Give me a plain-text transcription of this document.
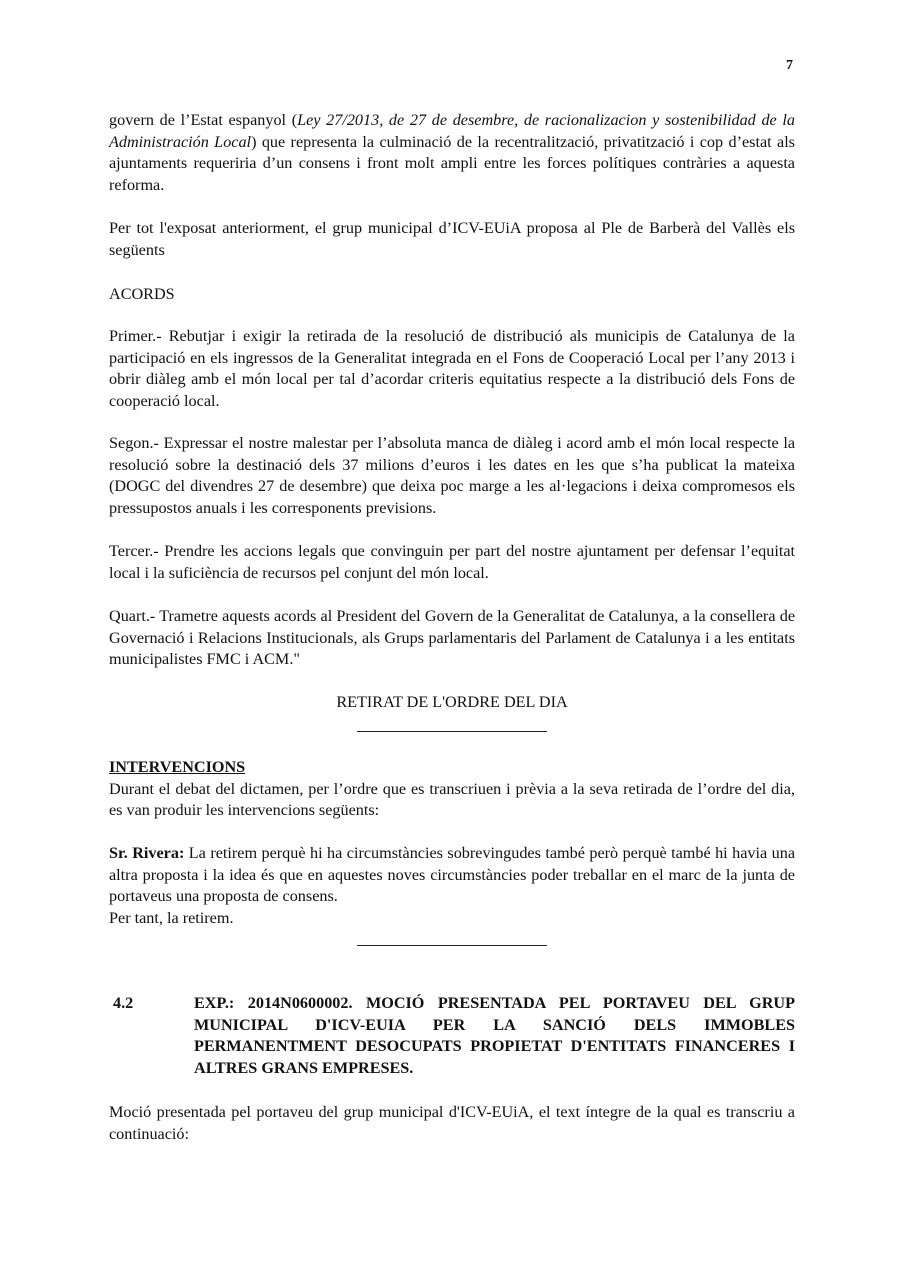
7

govern de l’Estat espanyol (Ley 27/2013, de 27 de desembre, de racionalizacion y sostenibilidad de la Administración Local) que representa la culminació de la recentralització, privatització i cop d’estat als ajuntaments requeriria d’un consens i front molt ampli entre les forces polítiques contràries a aquesta reforma.

Per tot l'exposat anteriorment, el grup municipal d’ICV-EUiA proposa al Ple de Barberà del Vallès els següents

ACORDS

Primer.- Rebutjar i exigir la retirada de la resolució de distribució als municipis de Catalunya de la participació en els ingressos de la Generalitat integrada en el Fons de Cooperació Local per l’any 2013 i obrir diàleg amb el món local per tal d’acordar criteris equitatius respecte a la distribució dels Fons de cooperació local.

Segon.- Expressar el nostre malestar per l’absoluta manca de diàleg i acord amb el món local respecte la resolució sobre la destinació dels 37 milions d’euros i les dates en les que s’ha publicat la mateixa (DOGC del divendres 27 de desembre) que deixa poc marge a les al·legacions i deixa compromesos els pressupostos anuals i les corresponents previsions.

Tercer.- Prendre les accions legals que convinguin per part del nostre ajuntament per defensar l’equitat local i la suficiència de recursos pel conjunt del món local.

Quart.- Trametre aquests acords al President del Govern de la Generalitat de Catalunya, a la consellera de Governació i Relacions Institucionals, als Grups parlamentaris del Parlament de Catalunya i a les entitats municipalistes FMC i ACM."

RETIRAT DE L'ORDRE DEL DIA

INTERVENCIONS
Durant el debat del dictamen, per l’ordre que es transcriuen i prèvia a la seva retirada de l’ordre del dia, es van produir les intervencions següents:

Sr. Rivera: La retirem perquè hi ha circumstàncies sobrevingudes també però perquè també hi havia una altra proposta i la idea és que en aquestes noves circumstàncies poder treballar en el marc de la junta de portaveus una proposta de consens.
Per tant, la retirem.

4.2	EXP.: 2014N0600002. MOCIÓ PRESENTADA PEL PORTAVEU DEL GRUP MUNICIPAL D'ICV-EUIA PER LA SANCIÓ DELS IMMOBLES PERMANENTMENT DESOCUPATS PROPIETAT D'ENTITATS FINANCERES I ALTRES GRANS EMPRESES.

Moció presentada pel portaveu del grup municipal d'ICV-EUiA, el text íntegre de la qual es transcriu a continuació:
